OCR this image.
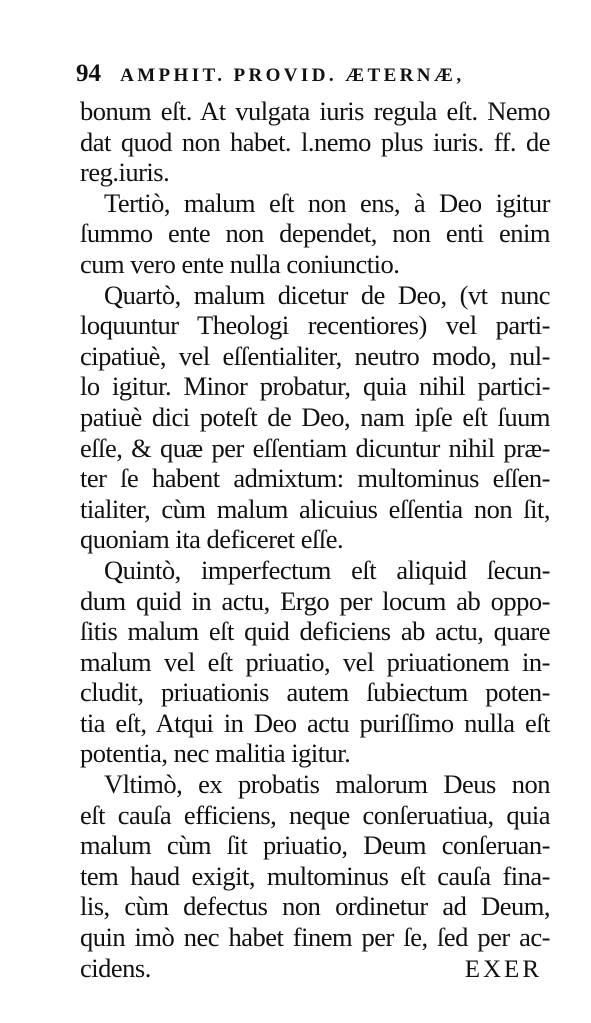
94 AMPHIT. PROVID. ÆTERNÆ,
bonum eſt. At vulgata iuris regula eſt. Nemo
dat quod non habet. l.nemo plus iuris. ff. de
reg.iuris.
Tertiò, malum eſt non ens, à Deo igitur
ſummo ente non dependet, non enti enim
cum vero ente nulla coniunctio.
Quartò, malum dicetur de Deo, (vt nunc
loquuntur Theologi recentiores) vel parti-
cipatiuè, vel eſſentialiter, neutro modo, nul-
lo igitur. Minor probatur, quia nihil partici-
patiuè dici poteſt de Deo, nam ipſe eſt ſuum
eſſe, & quæ per eſſentiam dicuntur nihil præ-
ter ſe habent admixtum: multominus eſſen-
tialiter, cùm malum alicuius eſſentia non ſit,
quoniam ita deficeret eſſe.
Quintò, imperfectum eſt aliquid ſecun-
dum quid in actu, Ergo per locum ab oppo-
ſitis malum eſt quid deficiens ab actu, quare
malum vel eſt priuatio, vel priuationem in-
cludit, priuationis autem ſubiectum poten-
tia eſt, Atqui in Deo actu puriſſimo nulla eſt
potentia, nec malitia igitur.
Vltimò, ex probatis malorum Deus non
eſt cauſa efficiens, neque conſeruatiua, quia
malum cùm ſit priuatio, Deum conſeruan-
tem haud exigit, multominus eſt cauſa fina-
lis, cùm defectus non ordinetur ad Deum,
quin imò nec habet finem per ſe, ſed per ac-
cidens.	EXER
